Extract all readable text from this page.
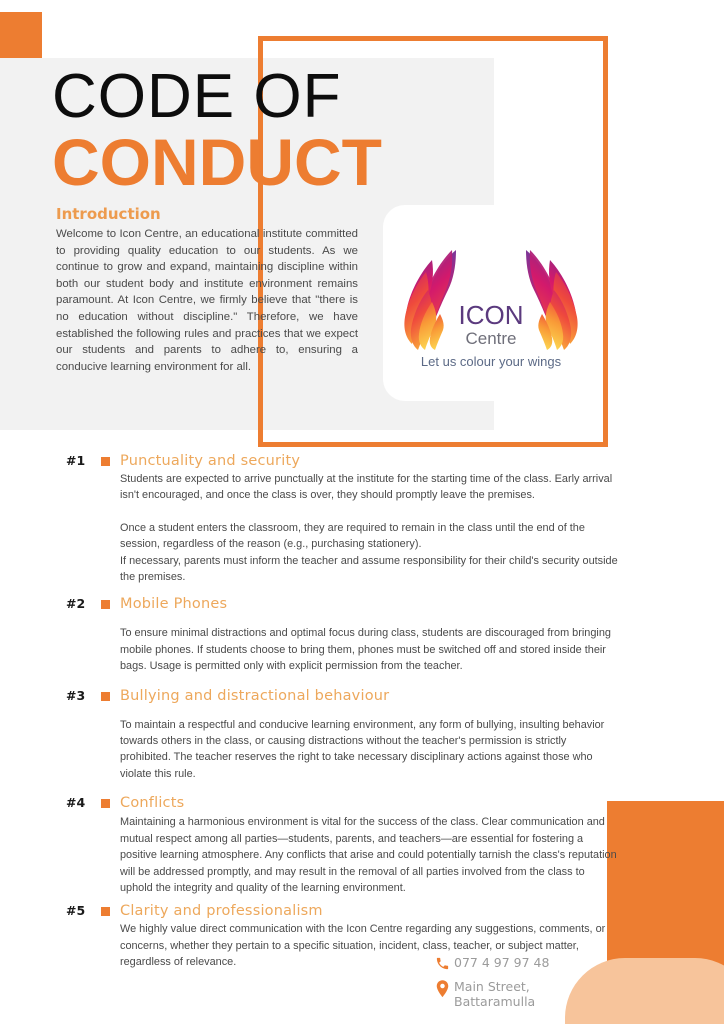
CODE OF
CONDUCT
Introduction
Welcome to Icon Centre, an educational institute committed to providing quality education to our students. As we continue to grow and expand, maintaining discipline within both our student body and institute environment remains paramount. At Icon Centre, we firmly believe that "there is no education without discipline." Therefore, we have established the following rules and practices that we expect our students and parents to adhere to, ensuring a conducive learning environment for all.
ICON
Centre
Let us colour your wings
#1 Punctuality and security

Students are expected to arrive punctually at the institute for the starting time of the class. Early arrival isn't encouraged, and once the class is over, they should promptly leave the premises.

Once a student enters the classroom, they are required to remain in the class until the end of the session, regardless of the reason (e.g., purchasing stationery).

If necessary, parents must inform the teacher and assume responsibility for their child's security outside the premises.

#2 Mobile Phones

To ensure minimal distractions and optimal focus during class, students are discouraged from bringing mobile phones. If students choose to bring them, phones must be switched off and stored inside their bags. Usage is permitted only with explicit permission from the teacher.

#3 Bullying and distractional behaviour

To maintain a respectful and conducive learning environment, any form of bullying, insulting behavior towards others in the class, or causing distractions without the teacher's permission is strictly prohibited. The teacher reserves the right to take necessary disciplinary actions against those who violate this rule.

#4 Conflicts

Maintaining a harmonious environment is vital for the success of the class. Clear communication and mutual respect among all parties—students, parents, and teachers—are essential for fostering a positive learning atmosphere. Any conflicts that arise and could potentially tarnish the class's reputation will be addressed promptly, and may result in the removal of all parties involved from the class to uphold the integrity and quality of the learning environment.

#5 Clarity and professionalism

We highly value direct communication with the Icon Centre regarding any suggestions, comments, or concerns, whether they pertain to a specific situation, incident, class, teacher, or subject matter, regardless of relevance.	077 4 97 97 48
Main Street,
Battaramulla
